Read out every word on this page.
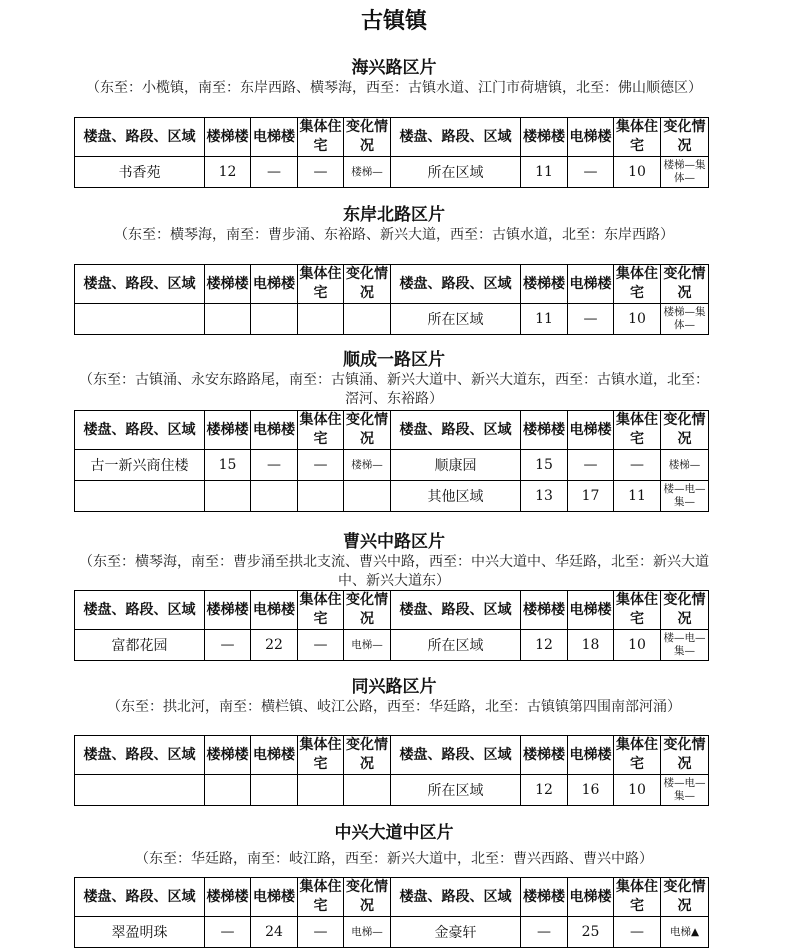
古镇镇
海兴路区片
（东至：小榄镇，南至：东岸西路、横琴海，西至：古镇水道、江门市荷塘镇，北至：佛山顺德区）
楼盘、路段、区域	楼梯楼	电梯楼	集体住宅	变化情况	楼盘、路段、区域	楼梯楼	电梯楼	集体住宅	变化情况
书香苑	12	—	—	楼梯—	所在区域	11	—	10	楼梯—集体—
东岸北路区片
（东至：横琴海，南至：曹步涌、东裕路、新兴大道，西至：古镇水道，北至：东岸西路）
楼盘、路段、区域	楼梯楼	电梯楼	集体住宅	变化情况	楼盘、路段、区域	楼梯楼	电梯楼	集体住宅	变化情况
					所在区域	11	—	10	楼梯—集体—
顺成一路区片
（东至：古镇涌、永安东路路尾，南至：古镇涌、新兴大道中、新兴大道东，西至：古镇水道，北至：滘河、东裕路）
楼盘、路段、区域	楼梯楼	电梯楼	集体住宅	变化情况	楼盘、路段、区域	楼梯楼	电梯楼	集体住宅	变化情况
古一新兴商住楼	15	—	—	楼梯—	顺康园	15	—	—	楼梯—
					其他区域	13	17	11	楼—电—集—
曹兴中路区片
（东至：横琴海，南至：曹步涌至拱北支流、曹兴中路，西至：中兴大道中、华廷路，北至：新兴大道中、新兴大道东）
楼盘、路段、区域	楼梯楼	电梯楼	集体住宅	变化情况	楼盘、路段、区域	楼梯楼	电梯楼	集体住宅	变化情况
富都花园	—	22	—	电梯—	所在区域	12	18	10	楼—电—集—
同兴路区片
（东至：拱北河，南至：横栏镇、岐江公路，西至：华廷路，北至：古镇镇第四围南部河涌）
楼盘、路段、区域	楼梯楼	电梯楼	集体住宅	变化情况	楼盘、路段、区域	楼梯楼	电梯楼	集体住宅	变化情况
					所在区域	12	16	10	楼—电—集—
中兴大道中区片
（东至：华廷路，南至：岐江路，西至：新兴大道中，北至：曹兴西路、曹兴中路）
楼盘、路段、区域	楼梯楼	电梯楼	集体住宅	变化情况	楼盘、路段、区域	楼梯楼	电梯楼	集体住宅	变化情况
翠盈明珠	—	24	—	电梯—	金豪轩	—	25	—	电梯▲
